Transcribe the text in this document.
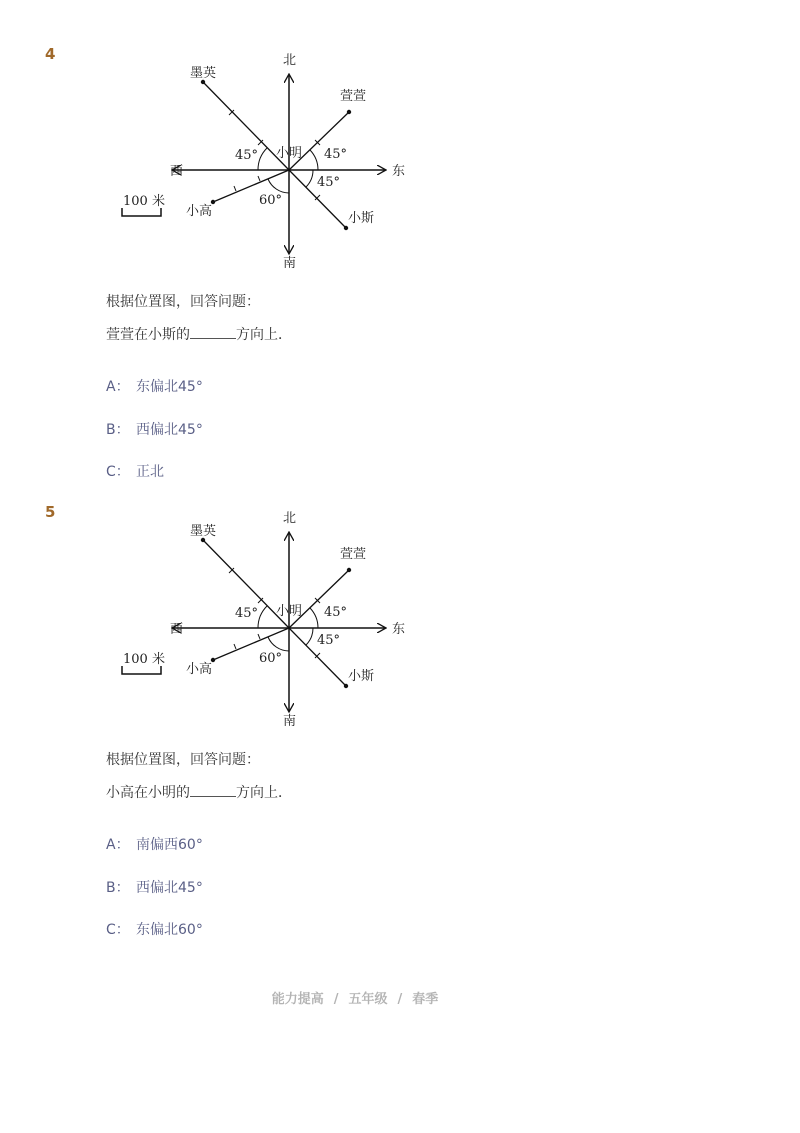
4	北
南
东
西
小明
墨英
萱萱
小高	小斯
45°	45°
45°
60°
100 米
根据位置图，回答问题：
萱萱在小斯的	方向上．
A： 东偏北45°
B： 西偏北45°
C： 正北
5	北
南
东
西
小明
墨英
萱萱
小高	小斯
45°	45°
45°
60°
100 米
根据位置图，回答问题：
小高在小明的	方向上．
A： 南偏西60°
B： 西偏北45°
C： 东偏北60°
能力提高 / 五年级 / 春季
